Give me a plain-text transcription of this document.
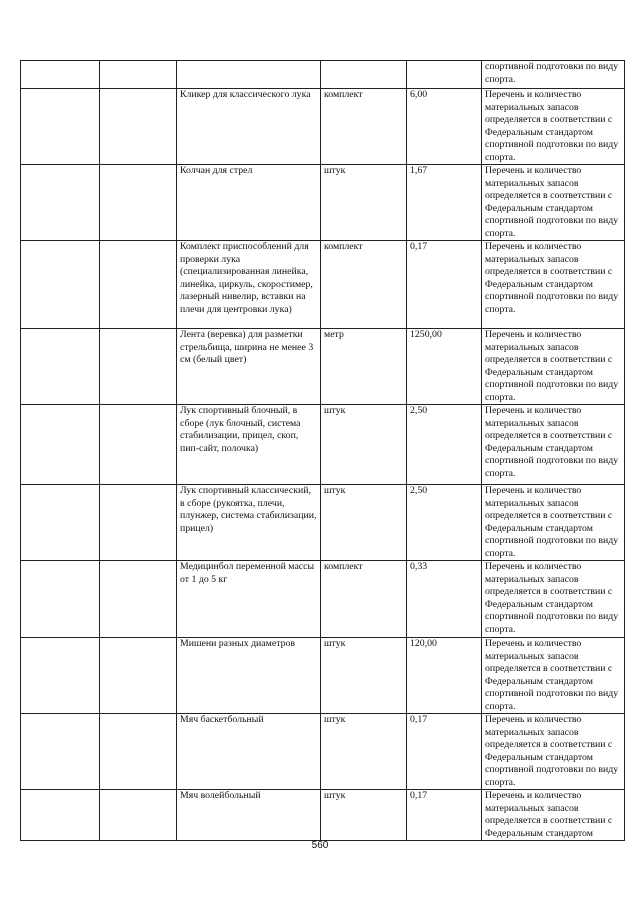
					спортивной подготовки по виду спорта.
		Кликер для классического лука	комплект	6,00	Перечень и количество материальных запасов определяется в соответствии с Федеральным стандартом спортивной подготовки по виду спорта.
		Колчан для стрел	штук	1,67	Перечень и количество материальных запасов определяется в соответствии с Федеральным стандартом спортивной подготовки по виду спорта.
		Комплект приспособлений для проверки лука (специализированная линейка, линейка, циркуль, скоростимер, лазерный нивелир, вставки на плечи для центровки лука)	комплект	0,17	Перечень и количество материальных запасов определяется в соответствии с Федеральным стандартом спортивной подготовки по виду спорта.
		Лента (веревка) для разметки стрельбища, ширина не менее 3 см (белый цвет)	метр	1250,00	Перечень и количество материальных запасов определяется в соответствии с Федеральным стандартом спортивной подготовки по виду спорта.
		Лук спортивный блочный, в сборе (лук блочный, система стабилизации, прицел, скоп, пип-сайт, полочка)	штук	2,50	Перечень и количество материальных запасов определяется в соответствии с Федеральным стандартом спортивной подготовки по виду спорта.
		Лук спортивный классический, в сборе (рукоятка, плечи, плунжер, система стабилизации, прицел)	штук	2,50	Перечень и количество материальных запасов определяется в соответствии с Федеральным стандартом спортивной подготовки по виду спорта.
		Медицинбол переменной массы от 1 до 5 кг	комплект	0,33	Перечень и количество материальных запасов определяется в соответствии с Федеральным стандартом спортивной подготовки по виду спорта.
		Мишени разных диаметров	штук	120,00	Перечень и количество материальных запасов определяется в соответствии с Федеральным стандартом спортивной подготовки по виду спорта.
		Мяч баскетбольный	штук	0,17	Перечень и количество материальных запасов определяется в соответствии с Федеральным стандартом спортивной подготовки по виду спорта.
		Мяч волейбольный	штук	0,17	Перечень и количество материальных запасов определяется в соответствии с Федеральным стандартом
560
